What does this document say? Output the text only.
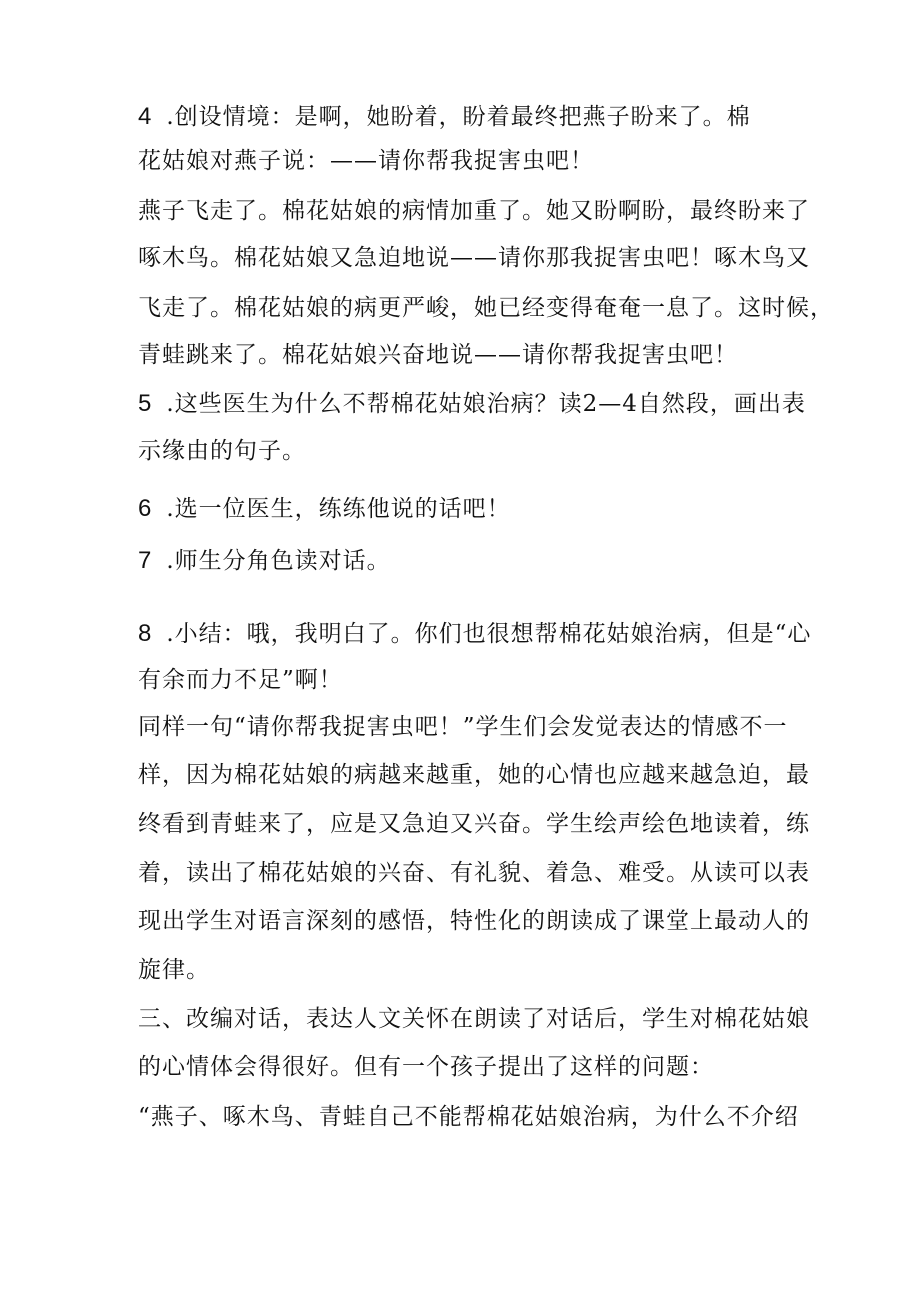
4 .创设情境：是啊，她盼着，盼着最终把燕子盼来了。棉
花姑娘对燕子说：——请你帮我捉害虫吧！
燕子飞走了。棉花姑娘的病情加重了。她又盼啊盼，最终盼来了
啄木鸟。棉花姑娘又急迫地说——请你那我捉害虫吧！啄木鸟又
飞走了。棉花姑娘的病更严峻，她已经变得奄奄一息了。这时候，
青蛙跳来了。棉花姑娘兴奋地说——请你帮我捉害虫吧！
5 .这些医生为什么不帮棉花姑娘治病？读2—4自然段，画出表
示缘由的句子。
6 .选一位医生，练练他说的话吧！
7 .师生分角色读对话。
8 .小结：哦，我明白了。你们也很想帮棉花姑娘治病，但是“心
有余而力不足”啊！
同样一句“请你帮我捉害虫吧！”学生们会发觉表达的情感不一
样，因为棉花姑娘的病越来越重，她的心情也应越来越急迫，最
终看到青蛙来了，应是又急迫又兴奋。学生绘声绘色地读着，练
着，读出了棉花姑娘的兴奋、有礼貌、着急、难受。从读可以表
现出学生对语言深刻的感悟，特性化的朗读成了课堂上最动人的
旋律。
三、改编对话，表达人文关怀在朗读了对话后，学生对棉花姑娘
的心情体会得很好。但有一个孩子提出了这样的问题：
“燕子、啄木鸟、青蛙自己不能帮棉花姑娘治病，为什么不介绍
